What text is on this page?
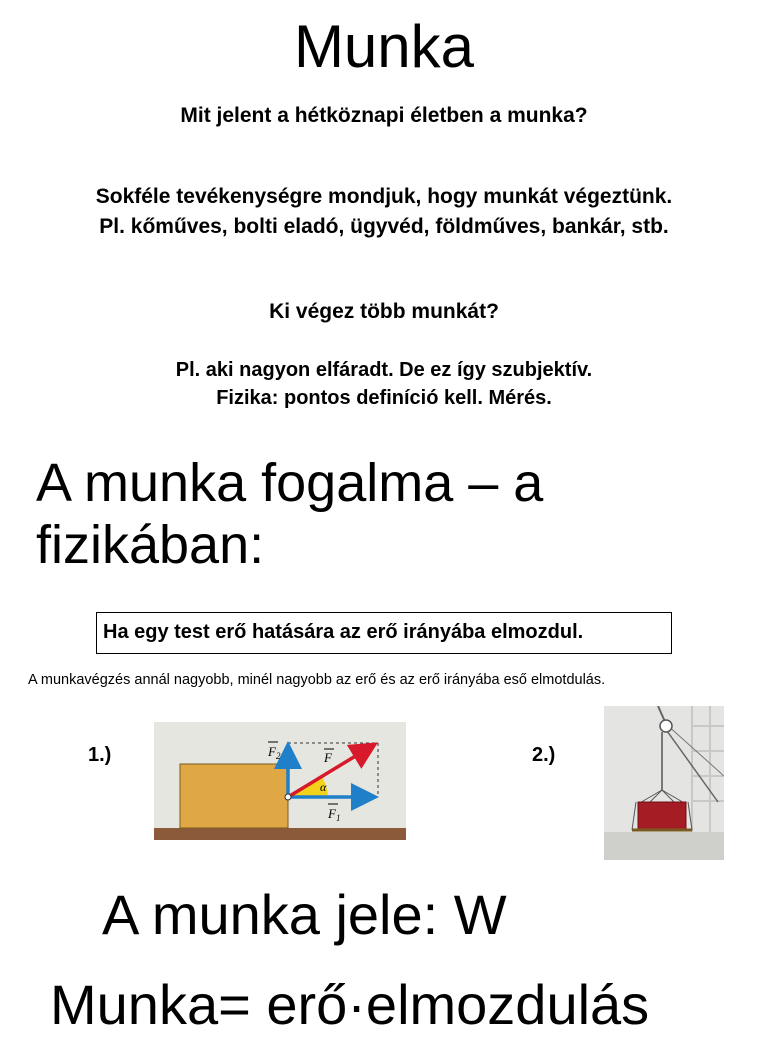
Munka
Mit jelent a hétköznapi életben a munka?
Sokféle tevékenységre mondjuk, hogy munkát végeztünk.
Pl. kőműves, bolti eladó, ügyvéd, földműves, bankár, stb.
Ki végez több munkát?
Pl. aki nagyon elfáradt. De ez így szubjektív.
Fizika: pontos definíció kell. Mérés.
A munka fogalma – a
fizikában:
Ha egy test erő hatására az erő irányába elmozdul.
A munkavégzés annál nagyobb, minél nagyobb az erő és az erő irányába eső elmotdulás.
1.)	$F_2$	F
α
$F_1$
2.)
A munka jele: W
Munka= erő·elmozdulás
